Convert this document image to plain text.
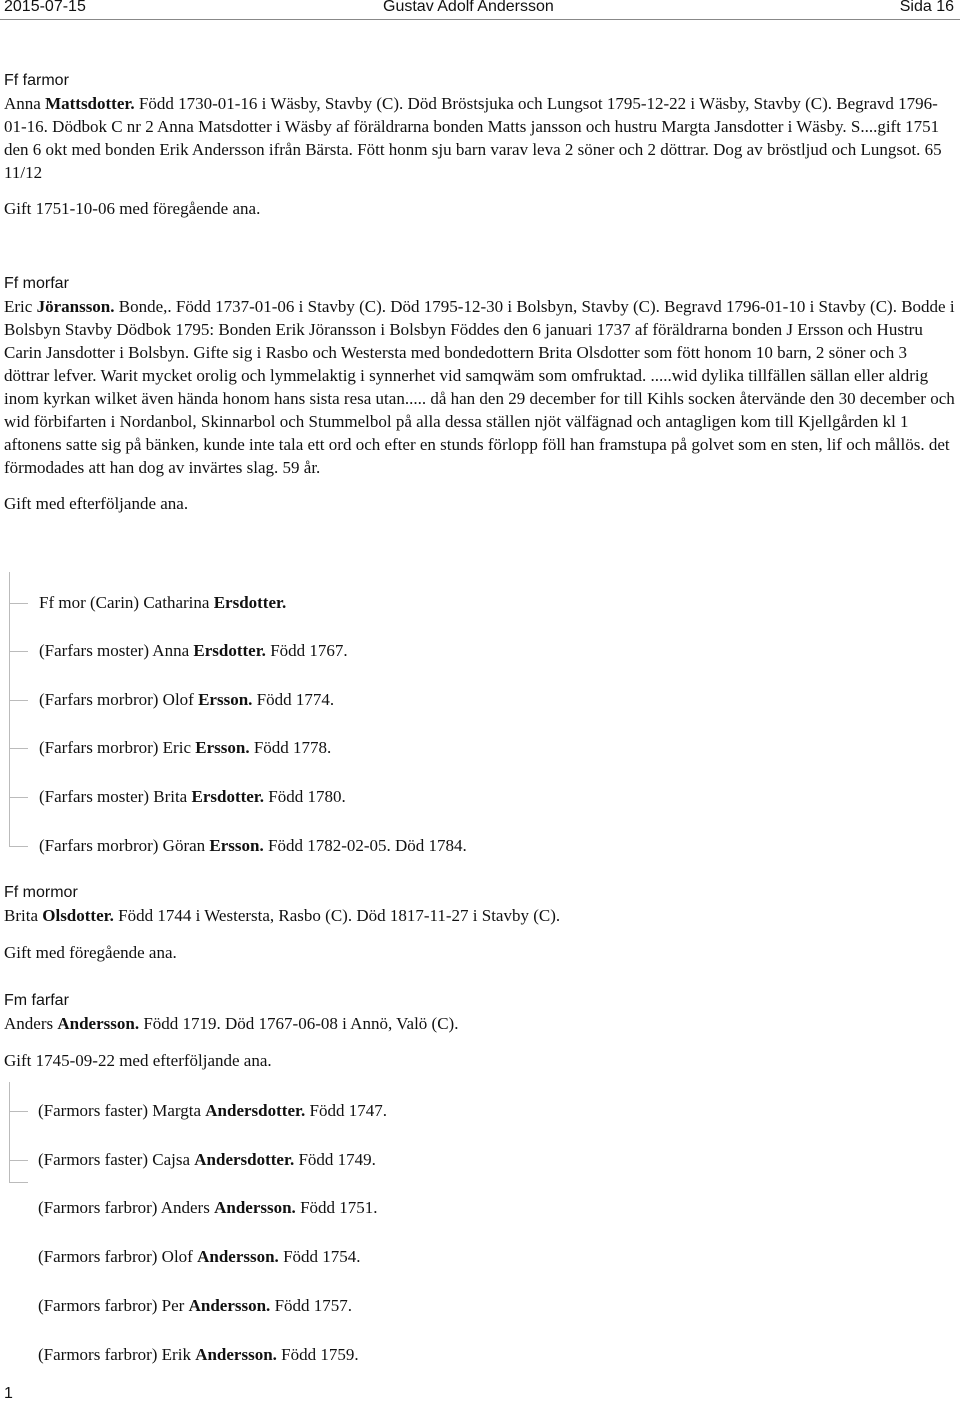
2015-07-15	Gustav Adolf Andersson	Sida 16
Ff farmor
Anna Mattsdotter. Född 1730-01-16 i Wäsby, Stavby (C). Död Bröstsjuka och Lungsot 1795-12-22 i Wäsby, Stavby (C). Begravd 1796-01-16. Dödbok C nr 2 Anna Matsdotter i Wäsby af föräldrarna bonden Matts jansson och hustru Margta Jansdotter i Wäsby. S....gift 1751 den 6 okt med bonden Erik Andersson ifrån Bärsta. Fött honm sju barn varav leva 2 söner och 2 döttrar. Dog av bröstljud och Lungsot. 65 11/12
Gift 1751-10-06 med föregående ana.
Ff morfar
Eric Jöransson. Bonde,. Född 1737-01-06 i Stavby (C). Död 1795-12-30 i Bolsbyn, Stavby (C). Begravd 1796-01-10 i Stavby (C). Bodde i Bolsbyn Stavby Dödbok 1795: Bonden Erik Jöransson i Bolsbyn Föddes den 6 januari 1737 af föräldrarna bonden J Ersson och Hustru Carin Jansdotter i Bolsbyn. Gifte sig i Rasbo och Westersta med bondedottern Brita Olsdotter som fött honom 10 barn, 2 söner och 3 döttrar lefver. Warit mycket orolig och lymmelaktig i synnerhet vid samqwäm som omfruktad. .....wid dylika tillfällen sällan eller aldrig inom kyrkan wilket även hända honom hans sista resa utan..... då han den 29 december for till Kihls socken återvände den 30 december och wid förbifarten i Nordanbol, Skinnarbol och Stummelbol på alla dessa ställen njöt välfägnad och antagligen kom till Kjellgården kl 1 aftonens satte sig på bänken, kunde inte tala ett ord och efter en stunds förlopp föll han framstupa på golvet som en sten, lif och mållös. det förmodades att han dog av invärtes slag. 59 år.
Gift med efterföljande ana.
Ff mor (Carin) Catharina Ersdotter.
(Farfars moster) Anna Ersdotter. Född 1767.
(Farfars morbror) Olof Ersson. Född 1774.
(Farfars morbror) Eric Ersson. Född 1778.
(Farfars moster) Brita Ersdotter. Född 1780.
(Farfars morbror) Göran Ersson. Född 1782-02-05. Död 1784.
Ff mormor
Brita Olsdotter. Född 1744 i Westersta, Rasbo (C). Död 1817-11-27 i Stavby (C).
Gift med föregående ana.
Fm farfar
Anders Andersson. Född 1719. Död 1767-06-08 i Annö, Valö (C).
Gift 1745-09-22 med efterföljande ana.
(Farmors faster) Margta Andersdotter. Född 1747.
(Farmors faster) Cajsa Andersdotter. Född 1749.
(Farmors farbror) Anders Andersson. Född 1751.
(Farmors farbror) Olof Andersson. Född 1754.
(Farmors farbror) Per Andersson. Född 1757.
(Farmors farbror) Erik Andersson. Född 1759.
1
